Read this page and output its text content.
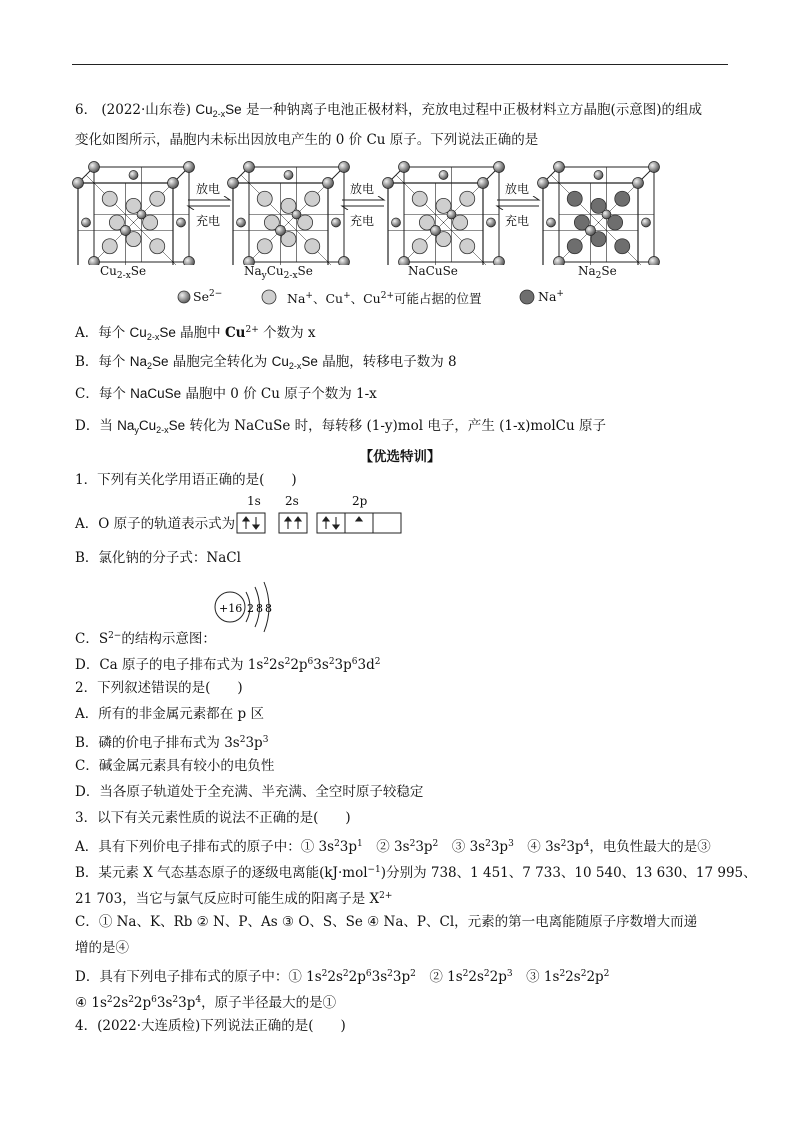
6． (2022·山东卷) $Cu_{2-x}Se$ 是一种钠离子电池正极材料，充放电过程中正极材料立方晶胞(示意图)的组成
变化如图所示，晶胞内未标出因放电产生的 0 价 Cu 原子。下列说法正确的是
放电
充电
放电
充电
放电
充电
$Cu_{2-x}Se$	$Na_yCu_{2-x}Se$	NaCuSe	$Na_2Se$
$Se^{2-}$	Na+、Cu+、$Cu^{2+}$可能占据的位置	Na+
A．每个 $Cu_{2-x}Se$ 晶胞中 $Cu^{2+}$ 个数为 x
B．每个 $Na_2Se$ 晶胞完全转化为 $Cu_{2-x}Se$ 晶胞，转移电子数为 8
C．每个 NaCuSe 晶胞中 0 价 Cu 原子个数为 1-x
D．当 $Na_yCu_{2-x}Se$ 转化为 NaCuSe 时，每转移 (1-y)mol 电子，产生 (1-x)molCu 原子
【优选特训】
1．下列有关化学用语正确的是(　　)
A．O 原子的轨道表示式为
1s 2s	2p
B．氯化钠的分子式：NaCl
+16 2 8 8
C．$S^{2-}$的结构示意图：
D．Ca 原子的电子排布式为 $1s^22s^22p^63s^23p^63d^2$
2．下列叙述错误的是(　　)
A．所有的非金属元素都在 p 区
B．磷的价电子排布式为 $3s^23p^3$
C．碱金属元素具有较小的电负性
D．当各原子轨道处于全充满、半充满、全空时原子较稳定
3．以下有关元素性质的说法不正确的是(　　)
A．具有下列价电子排布式的原子中：① $3s^23p^1$　② $3s^23p^2$　③ $3s^23p^3$　④ $3s^23p^4$，电负性最大的是③
B．某元素 X 气态基态原子的逐级电离能(kJ·mol$^{-1}$)分别为 738、1 451、7 733、10 540、13 630、17 995、
21 703，当它与氯气反应时可能生成的阳离子是 $X^{2+}$
C．① Na、K、Rb ② N、P、As ③ O、S、Se ④ Na、P、Cl，元素的第一电离能随原子序数增大而递
增的是④
D．具有下列电子排布式的原子中：① $1s^22s^22p^63s^23p^2$　② $1s^22s^22p^3$　③ $1s^22s^22p^2$
④ $1s^22s^22p^63s^23p^4$，原子半径最大的是①
4．(2022·大连质检)下列说法正确的是(　　)
